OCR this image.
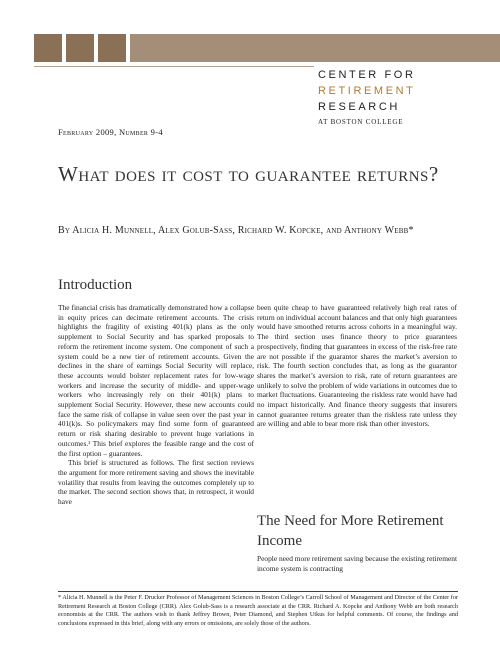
CENTER FOR
RETIREMENT
RESEARCH
AT BOSTON COLLEGE
February 2009, Number 9-4
What does it cost to guarantee returns?
By Alicia H. Munnell, Alex Golub-Sass, Richard W. Kopcke, and Anthony Webb*
Introduction

The financial crisis has dramatically demonstrated how a collapse in equity prices can decimate retirement accounts. The crisis highlights the fragility of existing 401(k) plans as the only supplement to Social Security and has sparked proposals to reform the retirement income system. One component of such a system could be a new tier of retirement accounts. Given the declines in the share of earnings Social Security will replace, these accounts would bolster replacement rates for low-wage workers and increase the security of middle- and upper-wage workers who increasingly rely on their 401(k) plans to supplement Social Security. However, these new accounts could face the same risk of collapse in value seen over the past year in 401(k)s. So policymakers may find some form of guaranteed return or risk sharing desirable to prevent huge variations in outcomes.¹ This brief explores the feasible range and the cost of the first option – guarantees.

This brief is structured as follows. The first section reviews the argument for more retirement saving and shows the inevitable volatility that results from leaving the outcomes completely up to the market. The second section shows that, in retrospect, it would have

been quite cheap to have guaranteed relatively high real rates of return on individual account balances and that only high guarantees would have smoothed returns across cohorts in a meaningful way. The third section uses finance theory to price guarantees prospectively, finding that guarantees in excess of the risk-free rate are not possible if the guarantor shares the market’s aversion to risk. The fourth section concludes that, as long as the guarantor shares the market’s aversion to risk, rate of return guarantees are unlikely to solve the problem of wide variations in outcomes due to market fluctuations. Guaranteeing the riskless rate would have had no impact historically. And finance theory suggests that insurers cannot guarantee returns greater than the riskless rate unless they are willing and able to bear more risk than other investors.

The Need for More Retirement Income

People need more retirement saving because the existing retirement income system is contracting

* Alicia H. Munnell is the Peter F. Drucker Professor of Management Sciences in Boston College’s Carroll School of Management and Director of the Center for Retirement Research at Boston College (CRR). Alex Golub-Sass is a research associate at the CRR. Richard A. Kopcke and Anthony Webb are both research economists at the CRR. The authors wish to thank Jeffrey Brown, Peter Diamond, and Stephen Utkus for helpful comments. Of course, the findings and conclusions expressed in this brief, along with any errors or omissions, are solely those of the authors.
